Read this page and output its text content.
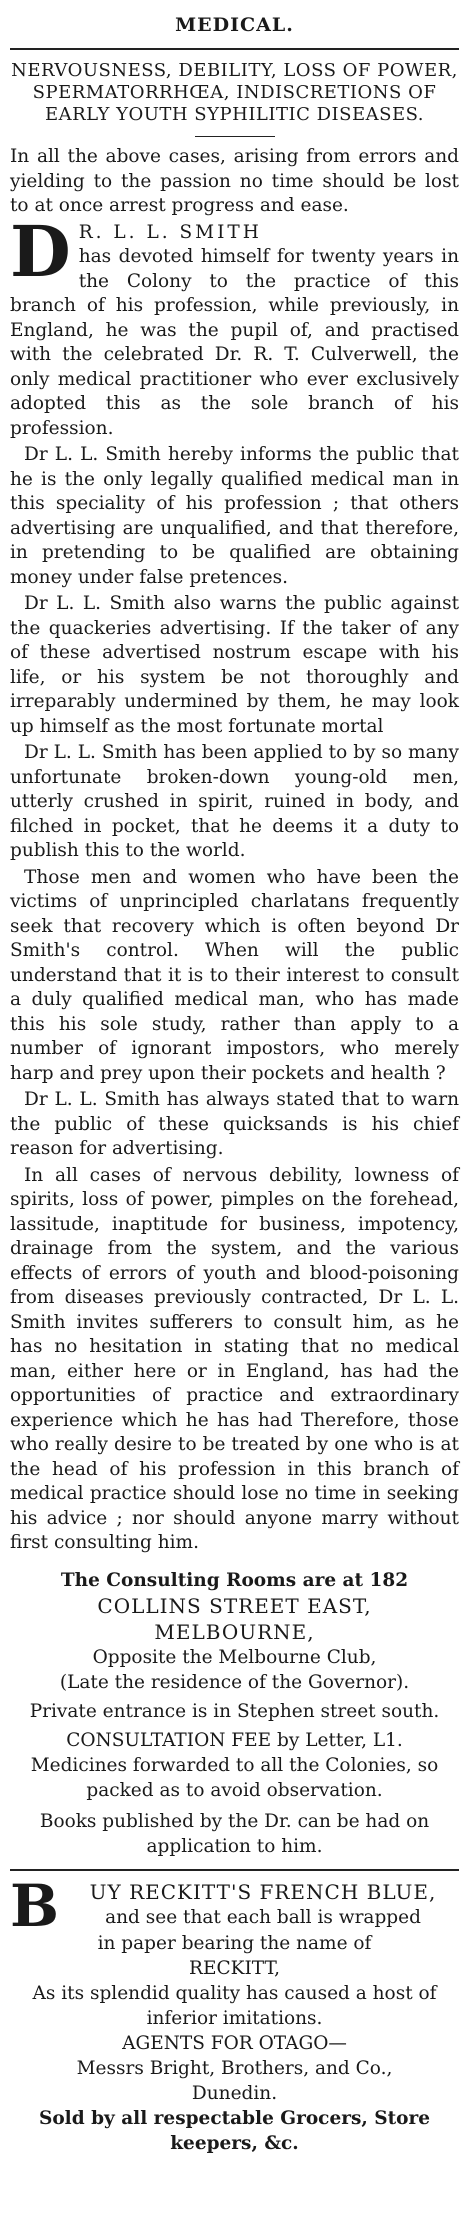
MEDICAL.

NERVOUSNESS, DEBILITY, LOSS OF POWER, SPERMATORRHŒA, INDISCRETIONS OF EARLY YOUTH SYPHILITIC DISEASES.

In all the above cases, arising from errors and yielding to the passion no time should be lost to at once arrest progress and ease.

D R. L. L. SMITH

has devoted himself for twenty years in the Colony to the practice of this branch of his profession, while previously, in England, he was the pupil of, and practised with the celebrated Dr. R. T. Culverwell, the only medical practitioner who ever exclusively adopted this as the sole branch of his profession.

Dr L. L. Smith hereby informs the public that he is the only legally qualified medical man in this speciality of his profession ; that others advertising are unqualified, and that therefore, in pretending to be qualified are obtaining money under false pretences.

Dr L. L. Smith also warns the public against the quackeries advertising. If the taker of any of these advertised nostrum escape with his life, or his system be not thoroughly and irreparably undermined by them, he may look up himself as the most fortunate mortal

Dr L. L. Smith has been applied to by so many unfortunate broken-down young-old men, utterly crushed in spirit, ruined in body, and filched in pocket, that he deems it a duty to publish this to the world.

Those men and women who have been the victims of unprincipled charlatans frequently seek that recovery which is often beyond Dr Smith's control. When will the public understand that it is to their interest to consult a duly qualified medical man, who has made this his sole study, rather than apply to a number of ignorant impostors, who merely harp and prey upon their pockets and health ?

Dr L. L. Smith has always stated that to warn the public of these quicksands is his chief reason for advertising.

In all cases of nervous debility, lowness of spirits, loss of power, pimples on the forehead, lassitude, inaptitude for business, impotency, drainage from the system, and the various effects of errors of youth and blood-poisoning from diseases previously contracted, Dr L. L. Smith invites sufferers to consult him, as he has no hesitation in stating that no medical man, either here or in England, has had the opportunities of practice and extraordinary experience which he has had Therefore, those who really desire to be treated by one who is at the head of his profession in this branch of medical practice should lose no time in seeking his advice ; nor should anyone marry without first consulting him.

The Consulting Rooms are at 182

COLLINS STREET EAST,

MELBOURNE,

Opposite the Melbourne Club,

(Late the residence of the Governor).

Private entrance is in Stephen street south.

CONSULTATION FEE by Letter, L1.

Medicines forwarded to all the Colonies, so packed as to avoid observation.

Books published by the Dr. can be had on application to him.

B	UY RECKITT'S FRENCH BLUE,

and see that each ball is wrapped

in paper bearing the name of

RECKITT,

As its splendid quality has caused a host of inferior imitations.

AGENTS FOR OTAGO—

Messrs Bright, Brothers, and Co.,

Dunedin.

Sold by all respectable Grocers, Store keepers, &c.
